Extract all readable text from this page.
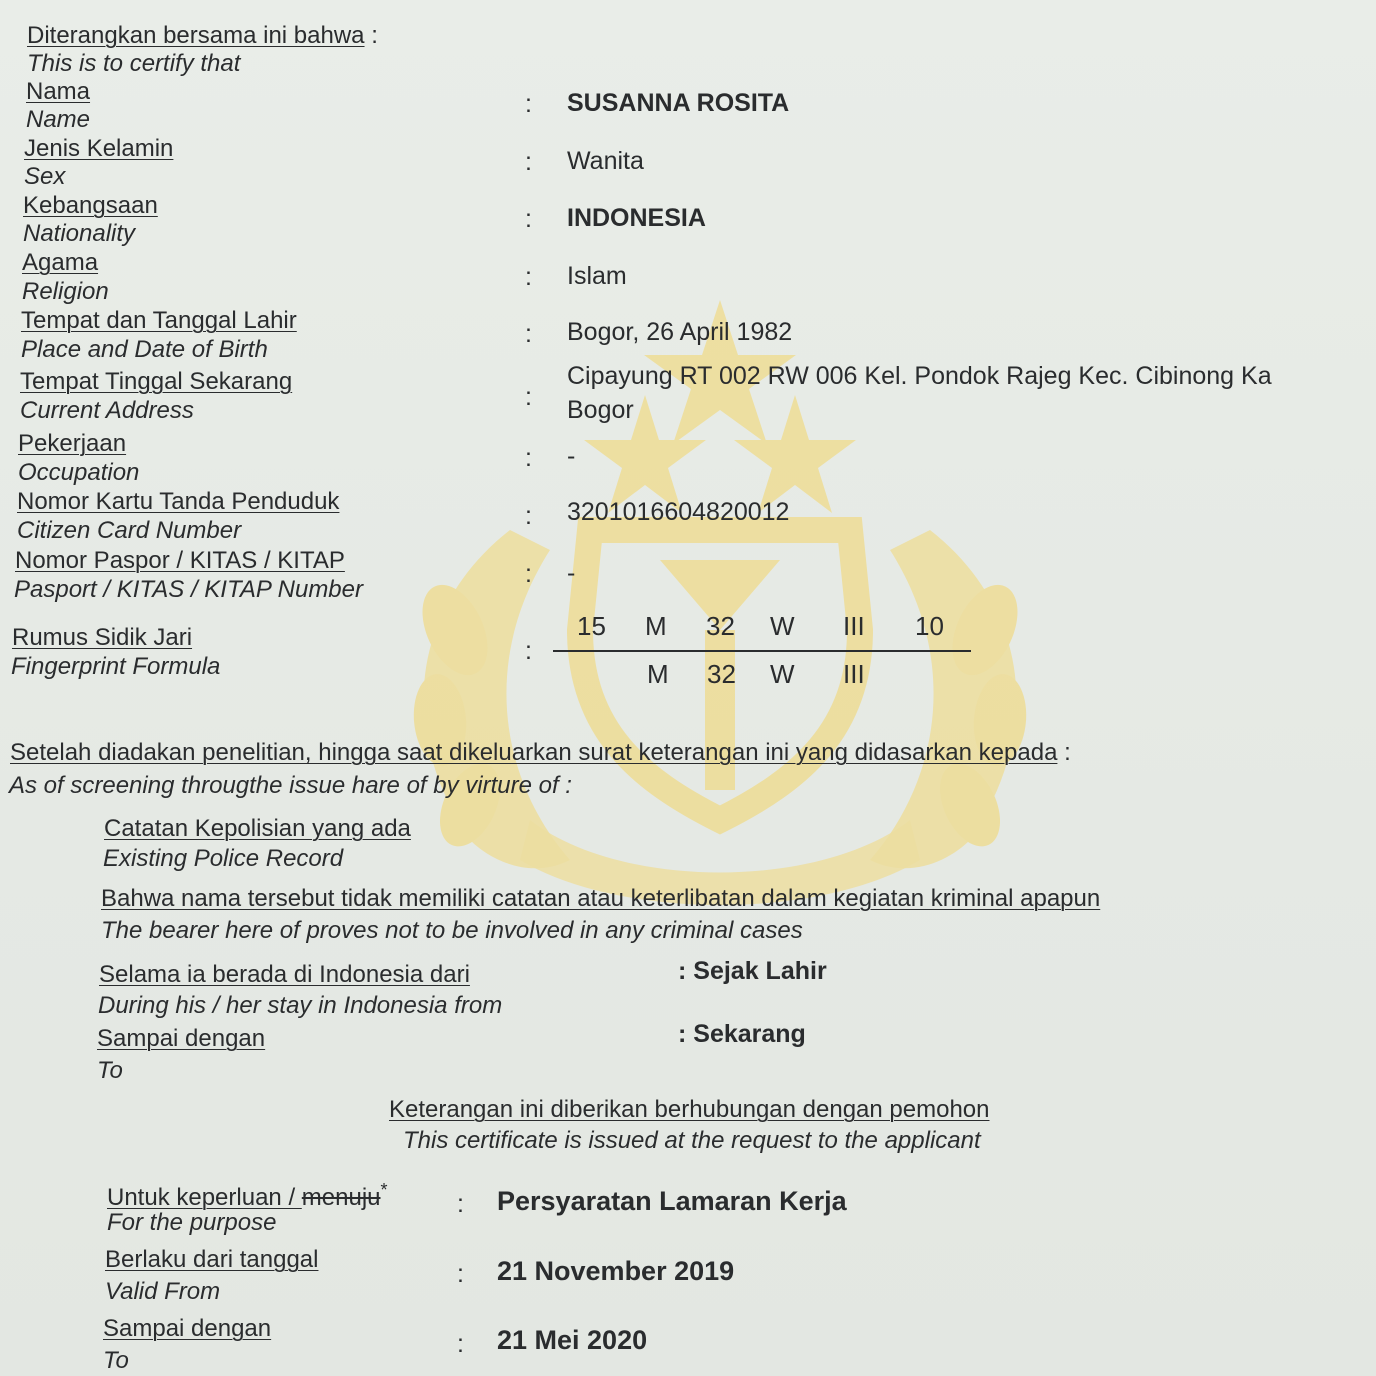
Diterangkan bersama ini bahwa :
This is to certify that
Nama
Name
: SUSANNA ROSITA
Jenis Kelamin
Sex
: Wanita
Kebangsaan
Nationality
: INDONESIA
Agama
Religion
: Islam
Tempat dan Tanggal Lahir
Place and Date of Birth
: Bogor, 26 April 1982
Tempat Tinggal Sekarang
Current Address	:
Cipayung RT 002 RW 006 Kel. Pondok Rajeg Kec. Cibinong Ka
Bogor
Pekerjaan
Occupation
: -
Nomor Kartu Tanda Penduduk
Citizen Card Number
: 3201016604820012
Nomor Paspor / KITAS / KITAP
Pasport / KITAS / KITAP Number
: -
Rumus Sidik Jari
Fingerprint Formula
:
15 M 32 W III 10
M 32 W III
Setelah diadakan penelitian, hingga saat dikeluarkan surat keterangan ini yang didasarkan kepada :
As of screening througthe issue hare of by virture of :
Catatan Kepolisian yang ada
Existing Police Record
Bahwa nama tersebut tidak memiliki catatan atau keterlibatan dalam kegiatan kriminal apapun
The bearer here of proves not to be involved in any criminal cases
Selama ia berada di Indonesia dari
During his / her stay in Indonesia from
: Sejak Lahir
Sampai dengan
To
: Sekarang
Keterangan ini diberikan berhubungan dengan pemohon
This certificate is issued at the request to the applicant
Untuk keperluan / menuju*
For the purpose
: Persyaratan Lamaran Kerja
Berlaku dari tanggal
Valid From
: 21 November 2019
Sampai dengan
To
: 21 Mei 2020
